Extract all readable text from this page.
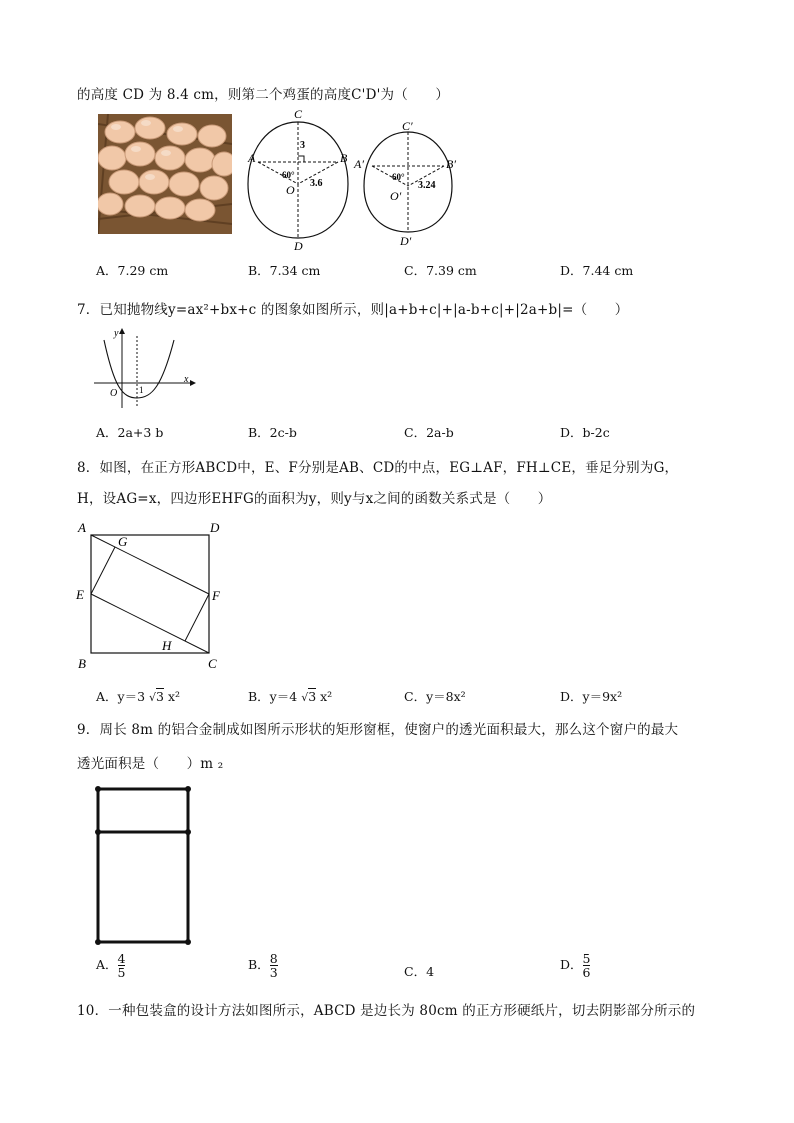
的高度 CD 为 8.4 cm，则第二个鸡蛋的高度C'D'为（　　）
C
A	B
O
D
3
3.6
60°
C′
A′	B′
O′
D′
3.24
60°
A．7.29 cm	B．7.34 cm	C．7.39 cm	D．7.44 cm
7．已知抛物线y=ax²+bx+c 的图象如图所示，则|a+b+c|+|a-b+c|+|2a+b|=（　　）
y
x
O 1
A．2a+3 b	B．2c-b	C．2a-b	D．b-2c
8．如图，在正方形ABCD中，E、F分别是AB、CD的中点，EG⊥AF，FH⊥CE，垂足分别为G，
H，设AG=x，四边形EHFG的面积为y，则y与x之间的函数关系式是（　　）
A	D
G
E	F
B
H
C
A．y＝3 √3 x²	B．y＝4 √3 x²	C．y＝8x²	D．y＝9x²
9．周长 8m 的铝合金制成如图所示形状的矩形窗框，使窗户的透光面积最大，那么这个窗户的最大
透光面积是（　　）m ₂
A． $\frac{4}{5}$	B． $\frac{8}{3}$	C．4	D． $\frac{5}{6}$
10．一种包装盒的设计方法如图所示，ABCD 是边长为 80cm 的正方形硬纸片，切去阴影部分所示的
